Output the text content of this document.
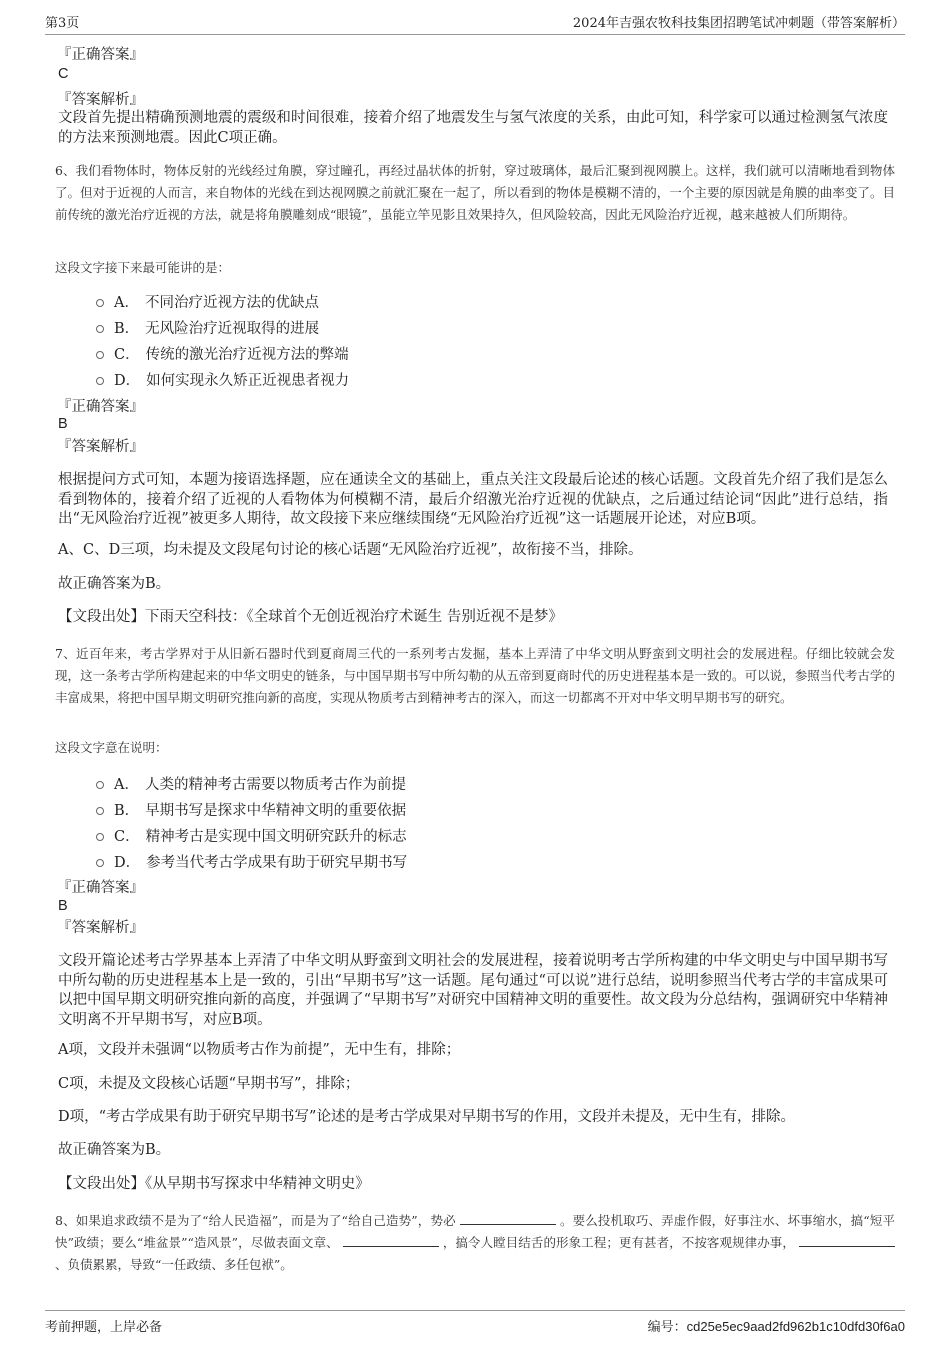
第3页	2024年吉强农牧科技集团招聘笔试冲刺题（带答案解析）
『正确答案』
C
『答案解析』
文段首先提出精确预测地震的震级和时间很难，接着介绍了地震发生与氢气浓度的关系，由此可知，科学家可以通过检测氢气浓度的方法来预测地震。因此C项正确。
6、我们看物体时，物体反射的光线经过角膜，穿过瞳孔，再经过晶状体的折射，穿过玻璃体，最后汇聚到视网膜上。这样，我们就可以清晰地看到物体了。但对于近视的人而言，来自物体的光线在到达视网膜之前就汇聚在一起了，所以看到的物体是模糊不清的，一个主要的原因就是角膜的曲率变了。目前传统的激光治疗近视的方法，就是将角膜雕刻成“眼镜”，虽能立竿见影且效果持久，但风险较高，因此无风险治疗近视，越来越被人们所期待。
这段文字接下来最可能讲的是：
A． 不同治疗近视方法的优缺点
B． 无风险治疗近视取得的进展
C． 传统的激光治疗近视方法的弊端
D． 如何实现永久矫正近视患者视力
『正确答案』
B
『答案解析』
根据提问方式可知，本题为接语选择题，应在通读全文的基础上，重点关注文段最后论述的核心话题。文段首先介绍了我们是怎么看到物体的，接着介绍了近视的人看物体为何模糊不清，最后介绍激光治疗近视的优缺点，之后通过结论词“因此”进行总结，指出“无风险治疗近视”被更多人期待，故文段接下来应继续围绕“无风险治疗近视”这一话题展开论述，对应B项。
A、C、D三项，均未提及文段尾句讨论的核心话题“无风险治疗近视”，故衔接不当，排除。
故正确答案为B。
【文段出处】下雨天空科技：《全球首个无创近视治疗术诞生 告别近视不是梦》
7、近百年来，考古学界对于从旧新石器时代到夏商周三代的一系列考古发掘，基本上弄清了中华文明从野蛮到文明社会的发展进程。仔细比较就会发现，这一条考古学所构建起来的中华文明史的链条，与中国早期书写中所勾勒的从五帝到夏商时代的历史进程基本是一致的。可以说，参照当代考古学的丰富成果，将把中国早期文明研究推向新的高度，实现从物质考古到精神考古的深入，而这一切都离不开对中华文明早期书写的研究。
这段文字意在说明：
A． 人类的精神考古需要以物质考古作为前提
B． 早期书写是探求中华精神文明的重要依据
C． 精神考古是实现中国文明研究跃升的标志
D． 参考当代考古学成果有助于研究早期书写
『正确答案』
B
『答案解析』
文段开篇论述考古学界基本上弄清了中华文明从野蛮到文明社会的发展进程，接着说明考古学所构建的中华文明史与中国早期书写中所勾勒的历史进程基本上是一致的，引出“早期书写”这一话题。尾句通过“可以说”进行总结，说明参照当代考古学的丰富成果可以把中国早期文明研究推向新的高度，并强调了“早期书写”对研究中国精神文明的重要性。故文段为分总结构，强调研究中华精神文明离不开早期书写，对应B项。
A项，文段并未强调“以物质考古作为前提”，无中生有，排除；
C项，未提及文段核心话题“早期书写”，排除；
D项，“考古学成果有助于研究早期书写”论述的是考古学成果对早期书写的作用，文段并未提及，无中生有，排除。
故正确答案为B。
【文段出处】《从早期书写探求中华精神文明史》
8、如果追求政绩不是为了“给人民造福”，而是为了“给自己造势”，势必	。要么投机取巧、弄虚作假，好事注水、坏事缩水，搞“短平快”政绩；要么“堆盆景”“造风景”，尽做表面文章、	，搞令人瞠目结舌的形象工程；更有甚者，不按客观规律办事，  、负债累累，导致“一任政绩、多任包袱”。
考前押题，上岸必备	编号：cd25e5ec9aad2fd962b1c10dfd30f6a0
